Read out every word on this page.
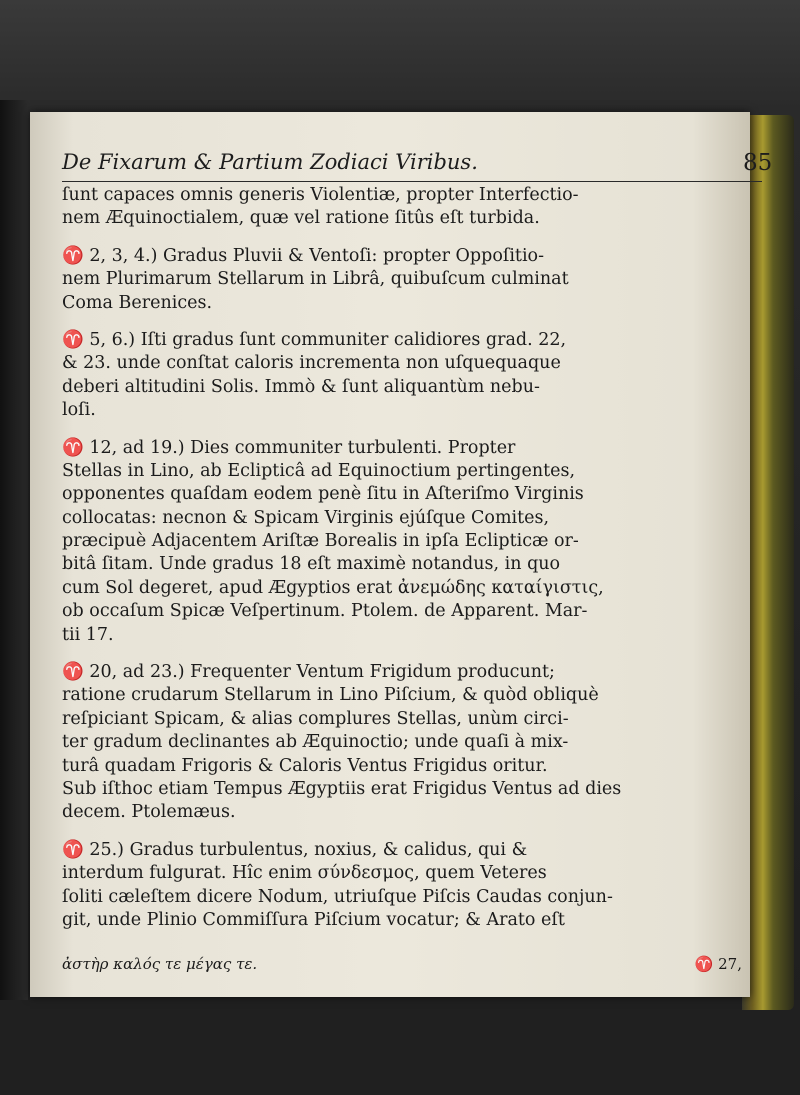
De Fixarum & Partium Zodiaci Viribus.	85
ſunt capaces omnis generis Violentiæ, propter Interfectio-
nem Æquinoctialem, quæ vel ratione ſitûs eſt turbida.
♈ 2, 3, 4.) Gradus Pluvii & Ventoſi: propter Oppoſitio-
nem Plurimarum Stellarum in Librâ, quibuſcum culminat
Coma Berenices.
♈ 5, 6.) Iſti gradus ſunt communiter calidiores grad. 22,
& 23. unde conſtat caloris incrementa non uſquequaque
deberi altitudini Solis. Immò & ſunt aliquantùm nebu-
loſi.
♈ 12, ad 19.) Dies communiter turbulenti. Propter
Stellas in Lino, ab Eclipticâ ad Equinoctium pertingentes,
opponentes quaſdam eodem penè ſitu in Aſteriſmo Virginis
collocatas: necnon & Spicam Virginis ejúſque Comites,
præcipuè Adjacentem Ariſtæ Borealis in ipſa Eclipticæ or-
bitâ ſitam. Unde gradus 18 eſt maximè notandus, in quo
cum Sol degeret, apud Ægyptios erat ἀνεμώδης καταίγιστις,
ob occaſum Spicæ Veſpertinum. Ptolem. de Apparent. Mar-
tii 17.
♈ 20, ad 23.) Frequenter Ventum Frigidum producunt;
ratione crudarum Stellarum in Lino Piſcium, & quòd obliquè
reſpiciant Spicam, & alias complures Stellas, unùm circi-
ter gradum declinantes ab Æquinoctio; unde quaſi à mix-
turâ quadam Frigoris & Caloris Ventus Frigidus oritur.
Sub iſthoc etiam Tempus Ægyptiis erat Frigidus Ventus ad dies
decem. Ptolemæus.
♈ 25.) Gradus turbulentus, noxius, & calidus, qui &
interdum fulgurat. Hîc enim σύνδεσμος, quem Veteres
ſoliti cæleſtem dicere Nodum, utriuſque Piſcis Caudas conjun-
git, unde Plinio Commiſſura Piſcium vocatur; & Arato eſt
ἀστὴρ καλός τε μέγας τε.	♈ 27,
